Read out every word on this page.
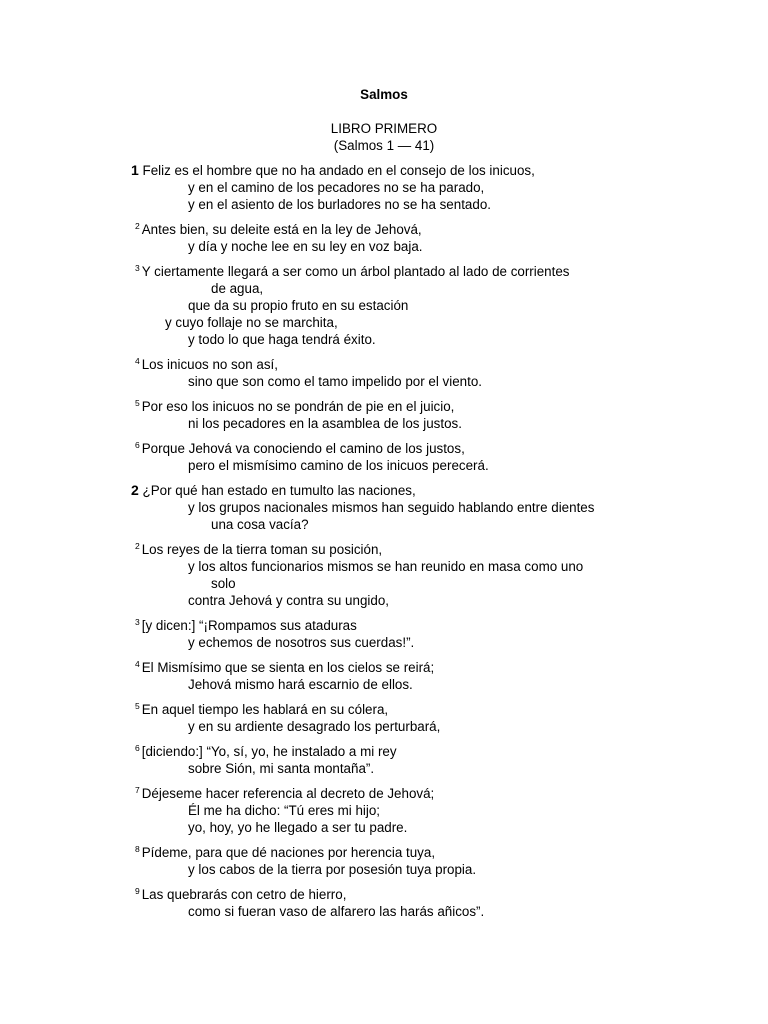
Salmos
LIBRO PRIMERO
(Salmos 1 — 41)
1 Feliz es el hombre que no ha andado en el consejo de los inicuos,
y en el camino de los pecadores no se ha parado,
y en el asiento de los burladores no se ha sentado.
$^2$ Antes bien, su deleite está en la ley de Jehová,
y día y noche lee en su ley en voz baja.
$^3$ Y ciertamente llegará a ser como un árbol plantado al lado de corrientes
de agua,
que da su propio fruto en su estación
y cuyo follaje no se marchita,
y todo lo que haga tendrá éxito.
$^4$ Los inicuos no son así,
sino que son como el tamo impelido por el viento.
$^5$ Por eso los inicuos no se pondrán de pie en el juicio,
ni los pecadores en la asamblea de los justos.
$^6$ Porque Jehová va conociendo el camino de los justos,
pero el mismísimo camino de los inicuos perecerá.
2 ¿Por qué han estado en tumulto las naciones,
y los grupos nacionales mismos han seguido hablando entre dientes
una cosa vacía?
$^2$ Los reyes de la tierra toman su posición,
y los altos funcionarios mismos se han reunido en masa como uno
solo
contra Jehová y contra su ungido,
$^3$ [y dicen:] “¡Rompamos sus ataduras
y echemos de nosotros sus cuerdas!”.
$^4$ El Mismísimo que se sienta en los cielos se reirá;
Jehová mismo hará escarnio de ellos.
$^5$ En aquel tiempo les hablará en su cólera,
y en su ardiente desagrado los perturbará,
$^6$ [diciendo:] “Yo, sí, yo, he instalado a mi rey
sobre Sión, mi santa montaña”.
$^7$ Déjeseme hacer referencia al decreto de Jehová;
Él me ha dicho: “Tú eres mi hijo;
yo, hoy, yo he llegado a ser tu padre.
$^8$ Pídeme, para que dé naciones por herencia tuya,
y los cabos de la tierra por posesión tuya propia.
$^9$ Las quebrarás con cetro de hierro,
como si fueran vaso de alfarero las harás añicos”.
